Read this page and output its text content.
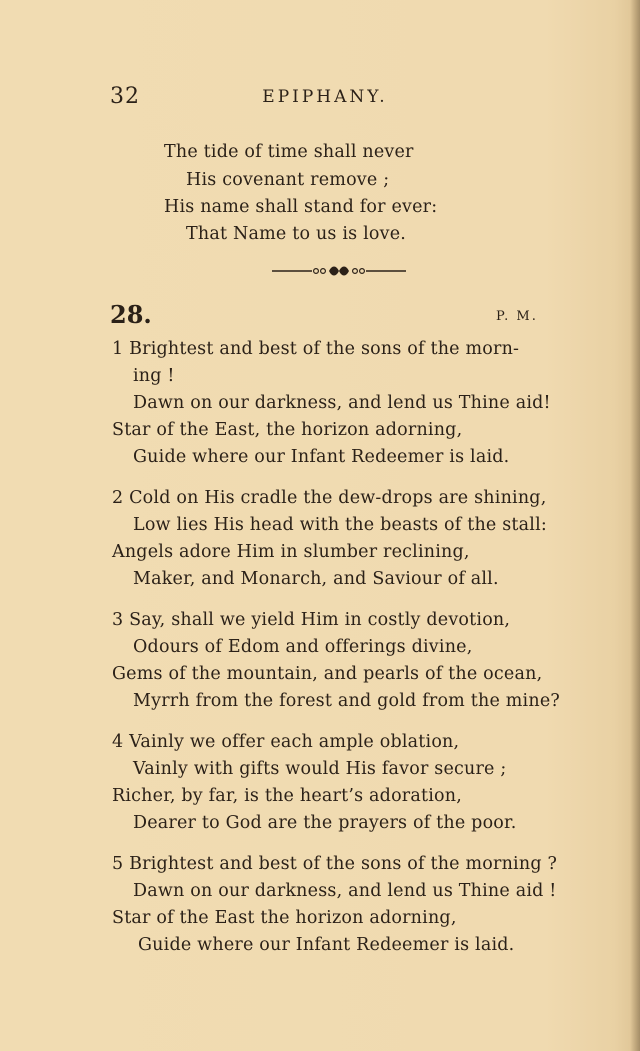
32	EPIPHANY.
The tide of time shall never
His covenant remove ;
His name shall stand for ever:
That Name to us is love.
28.	P. M.
1 Brightest and best of the sons of the morn-
ing !
Dawn on our darkness, and lend us Thine aid!
Star of the East, the horizon adorning,
Guide where our Infant Redeemer is laid.
2 Cold on His cradle the dew-drops are shining,
Low lies His head with the beasts of the stall:
Angels adore Him in slumber reclining,
Maker, and Monarch, and Saviour of all.
3 Say, shall we yield Him in costly devotion,
Odours of Edom and offerings divine,
Gems of the mountain, and pearls of the ocean,
Myrrh from the forest and gold from the mine?
4 Vainly we offer each ample oblation,
Vainly with gifts would His favor secure ;
Richer, by far, is the heart’s adoration,
Dearer to God are the prayers of the poor.
5 Brightest and best of the sons of the morning ?
Dawn on our darkness, and lend us Thine aid !
Star of the East the horizon adorning,
Guide where our Infant Redeemer is laid.
